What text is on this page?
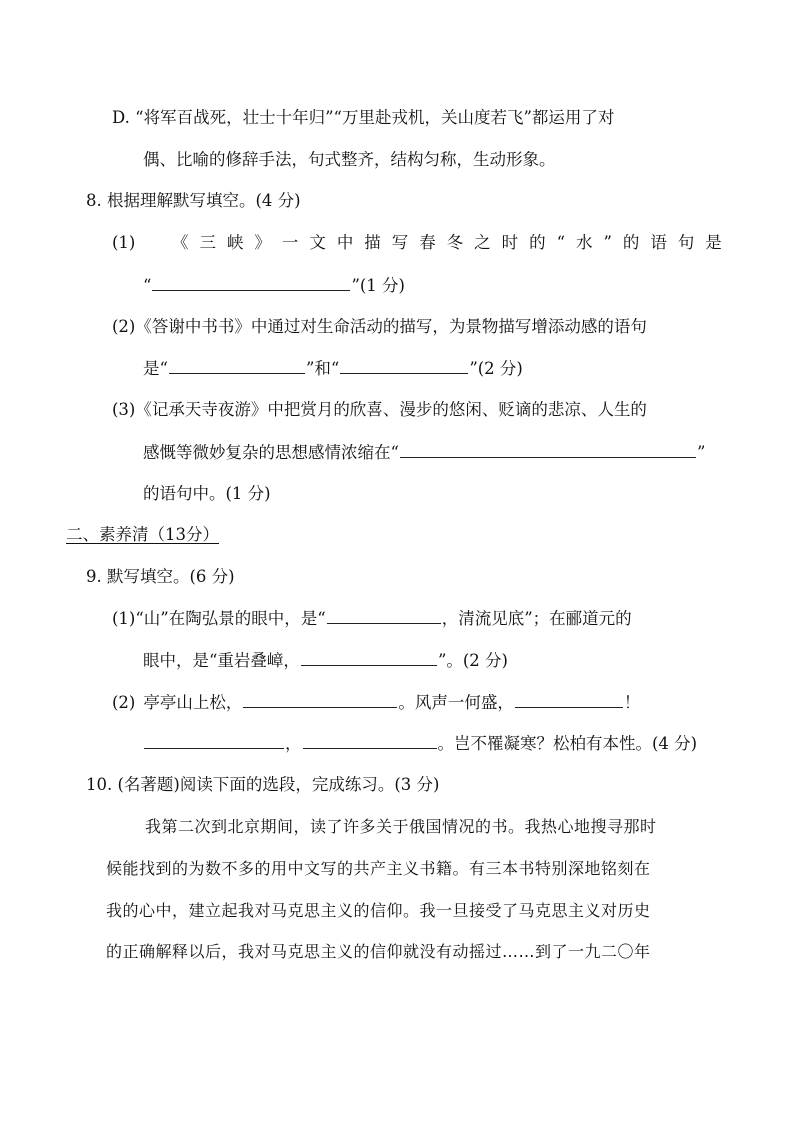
D. “将军百战死，壮士十年归”“万里赴戎机，关山度若飞”都运用了对
偶、比喻的修辞手法，句式整齐，结构匀称，生动形象。
8. 根据理解默写填空。(4 分)
(1) 《 三 峡 》 一 文 中 描 写 春 冬 之 时 的 “ 水 ” 的 语 句 是
“	”(1 分)
(2)《答谢中书书》中通过对生命活动的描写，为景物描写增添动感的语句
是“	”和“	”(2 分)
(3)《记承天寺夜游》中把赏月的欣喜、漫步的悠闲、贬谪的悲凉、人生的
感慨等微妙复杂的思想感情浓缩在“	”
的语句中。(1 分)
二、素养清（13分）
9. 默写填空。(6 分)
(1)“山”在陶弘景的眼中，是“	，清流见底”；在郦道元的
眼中，是“重岩叠嶂，	”。(2 分)
(2) 亭亭山上松，	。风声一何盛，	！
，	。岂不罹凝寒？松柏有本性。(4 分)
10. (名著题)阅读下面的选段，完成练习。(3 分)
我第二次到北京期间，读了许多关于俄国情况的书。我热心地搜寻那时
候能找到的为数不多的用中文写的共产主义书籍。有三本书特别深地铭刻在
我的心中，建立起我对马克思主义的信仰。我一旦接受了马克思主义对历史
的正确解释以后，我对马克思主义的信仰就没有动摇过……到了一九二〇年
